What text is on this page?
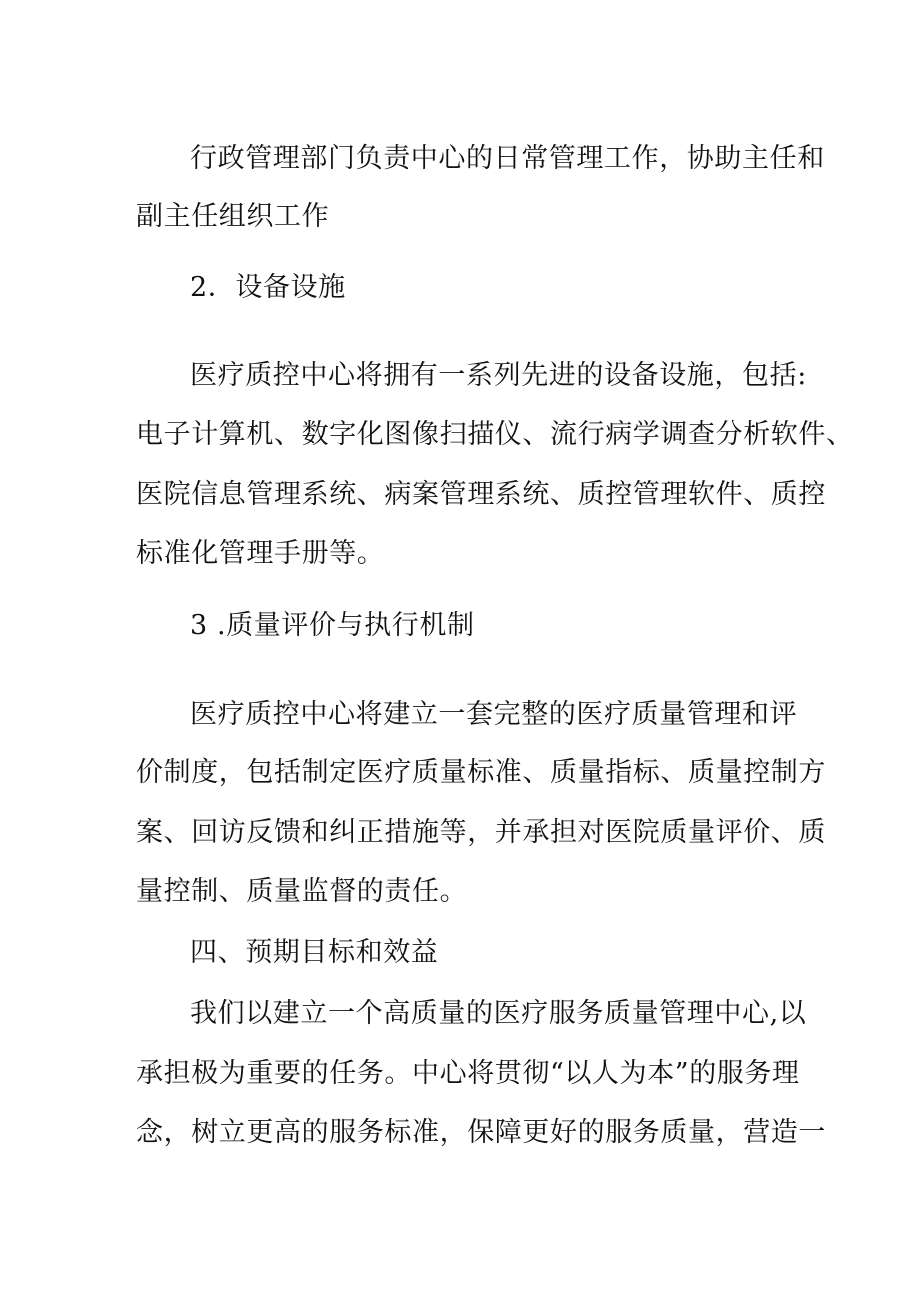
行政管理部门负责中心的日常管理工作，协助主任和
副主任组织工作
2．设备设施
医疗质控中心将拥有一系列先进的设备设施，包括:
电子计算机、数字化图像扫描仪、流行病学调查分析软件、
医院信息管理系统、病案管理系统、质控管理软件、质控
标准化管理手册等。
3 .质量评价与执行机制
医疗质控中心将建立一套完整的医疗质量管理和评
价制度，包括制定医疗质量标准、质量指标、质量控制方
案、回访反馈和纠正措施等，并承担对医院质量评价、质
量控制、质量监督的责任。
四、预期目标和效益
我们以建立一个高质量的医疗服务质量管理中心,以
承担极为重要的任务。中心将贯彻“以人为本”的服务理
念，树立更高的服务标准，保障更好的服务质量，营造一
